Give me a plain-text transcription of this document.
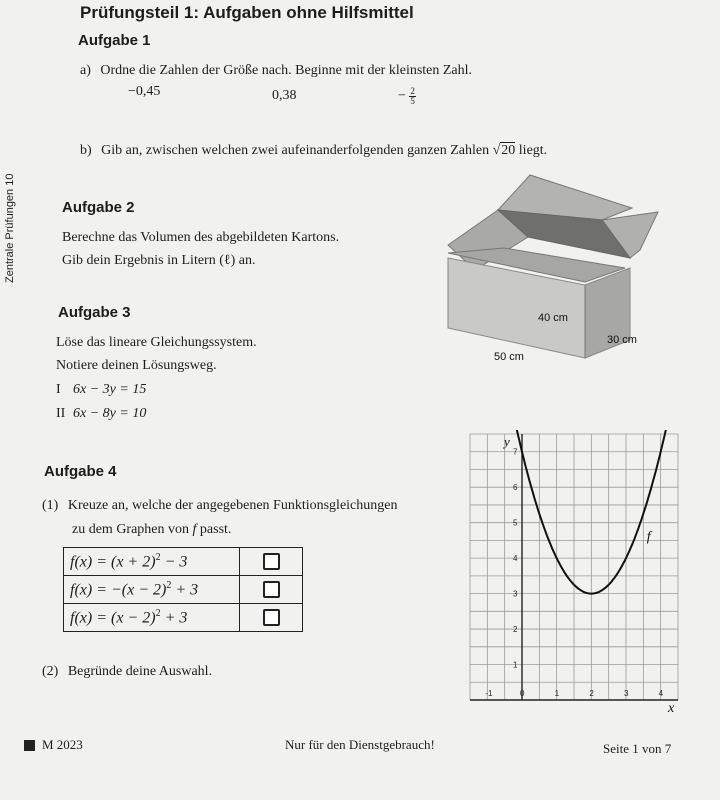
Prüfungsteil 1: Aufgaben ohne Hilfsmittel
Zentrale Prüfungen 10
Aufgabe 1
a) Ordne die Zahlen der Größe nach. Beginne mit der kleinsten Zahl.
−0,45	0,38	− $\frac{2}{5}$
b) Gib an, zwischen welchen zwei aufeinanderfolgenden ganzen Zahlen √20 liegt.
Aufgabe 2
Berechne das Volumen des abgebildeten Kartons.
Gib dein Ergebnis in Litern (ℓ) an.
40 cm
30 cm
50 cm
Aufgabe 3
Löse das lineare Gleichungssystem.
Notiere deinen Lösungsweg.
I 6x − 3y = 15
II 6x − 8y = 10
Aufgabe 4
(1) Kreuze an, welche der angegebenen Funktionsgleichungen
zu dem Graphen von f passt.
$f(x) = (x + 2)^2 - 3$	
$f(x) = -(x - 2)^2 + 3$	
$f(x) = (x - 2)^2 + 3$	
(2) Begründe deine Auswahl.
-1	0	1	2	3	4
1
2
3
4
5
6
7
x
y
f
M 2023	Nur für den Dienstgebrauch!	Seite 1 von 7
